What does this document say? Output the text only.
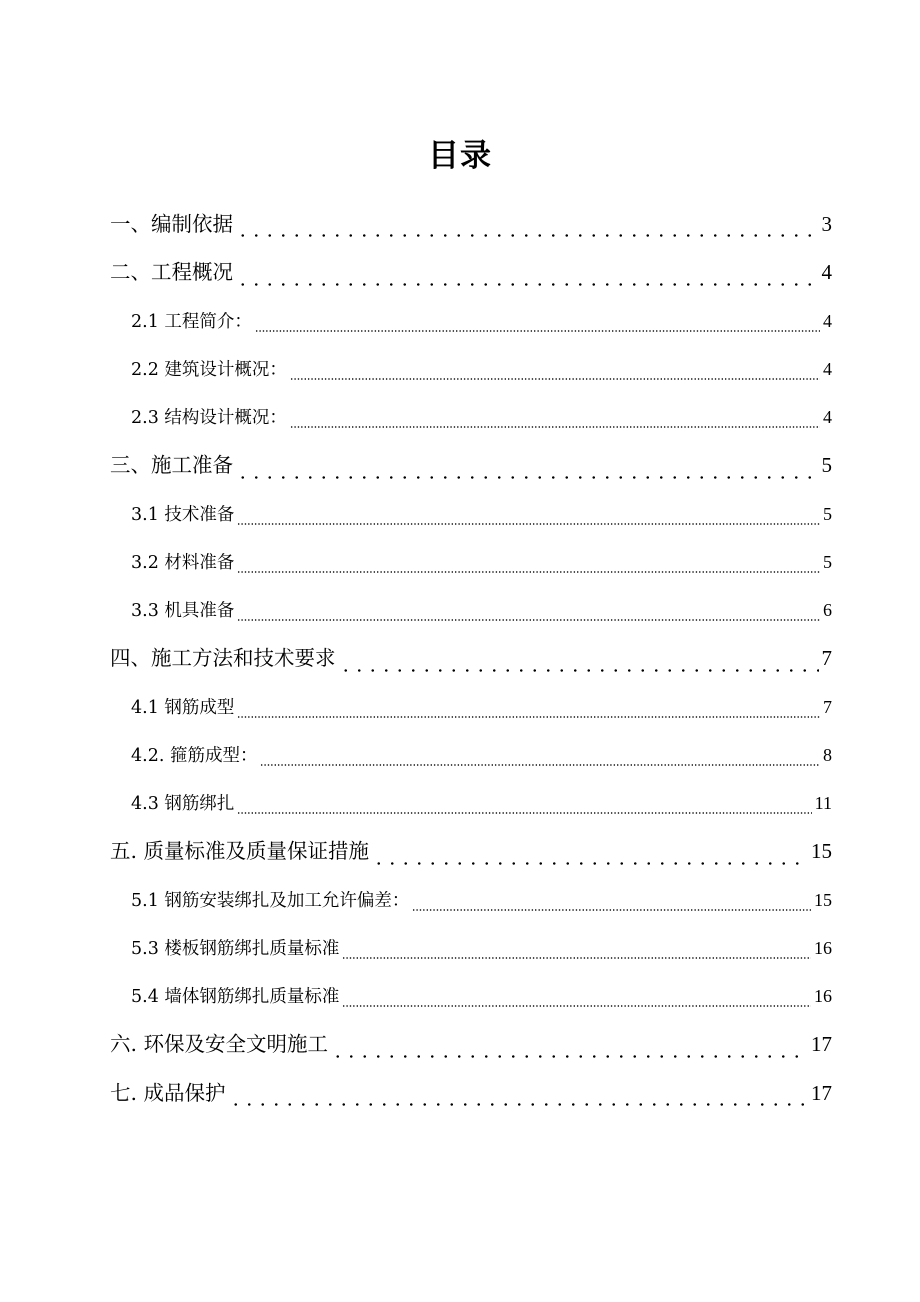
目录
一、编制依据	3
二、工程概况	4
2.1 工程简介：	4
2.2 建筑设计概况：	4
2.3 结构设计概况：	4
三、施工准备	5
3.1 技术准备	5
3.2 材料准备	5
3.3 机具准备	6
四、施工方法和技术要求	7
4.1 钢筋成型	7
4.2. 箍筋成型：	8
4.3 钢筋绑扎	11
五. 质量标准及质量保证措施	15
5.1 钢筋安装绑扎及加工允许偏差：	15
5.3 楼板钢筋绑扎质量标准	16
5.4 墙体钢筋绑扎质量标准	16
六. 环保及安全文明施工	17
七. 成品保护	17
